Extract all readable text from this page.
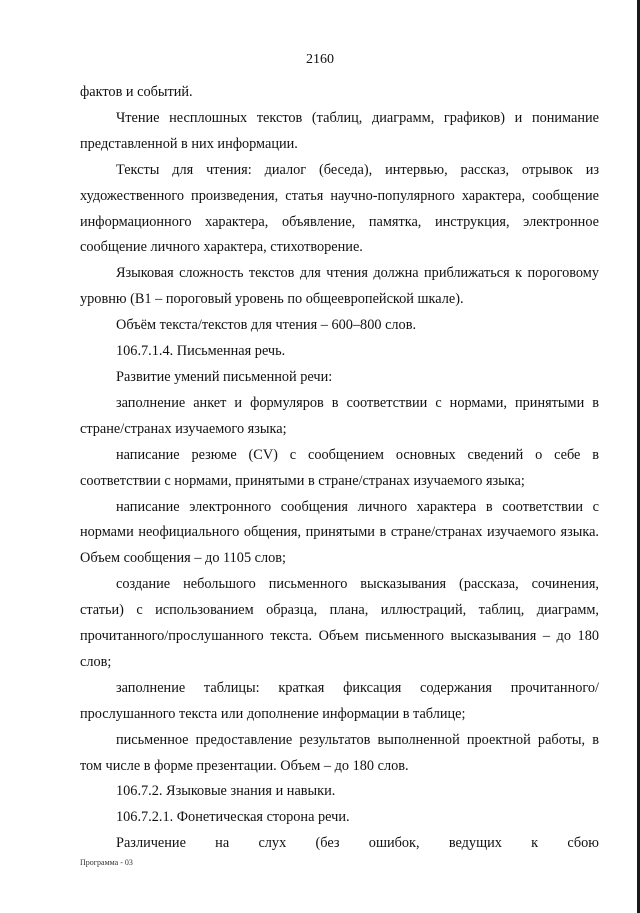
2160

фактов и событий.

Чтение несплошных текстов (таблиц, диаграмм, графиков) и понимание представленной в них информации.

Тексты для чтения: диалог (беседа), интервью, рассказ, отрывок из художественного произведения, статья научно-популярного характера, сообщение информационного характера, объявление, памятка, инструкция, электронное сообщение личного характера, стихотворение.

Языковая сложность текстов для чтения должна приближаться к пороговому уровню (B1 – пороговый уровень по общеевропейской шкале).

Объём текста/текстов для чтения – 600–800 слов.

106.7.1.4. Письменная речь.

Развитие умений письменной речи:

заполнение анкет и формуляров в соответствии с нормами, принятыми в стране/странах изучаемого языка;

написание резюме (CV) с сообщением основных сведений о себе в соответствии с нормами, принятыми в стране/странах изучаемого языка;

написание электронного сообщения личного характера в соответствии с нормами неофициального общения, принятыми в стране/странах изучаемого языка. Объем сообщения – до 1105 слов;

создание небольшого письменного высказывания (рассказа, сочинения, статьи) с использованием образца, плана, иллюстраций, таблиц, диаграмм, прочитанного/прослушанного текста. Объем письменного высказывания – до 180 слов;

заполнение таблицы: краткая фиксация содержания прочитанного/ прослушанного текста или дополнение информации в таблице;

письменное предоставление результатов выполненной проектной работы, в том числе в форме презентации. Объем – до 180 слов.

106.7.2. Языковые знания и навыки.

106.7.2.1. Фонетическая сторона речи.

Различение на слух (без ошибок, ведущих к сбою

Программа - 03
